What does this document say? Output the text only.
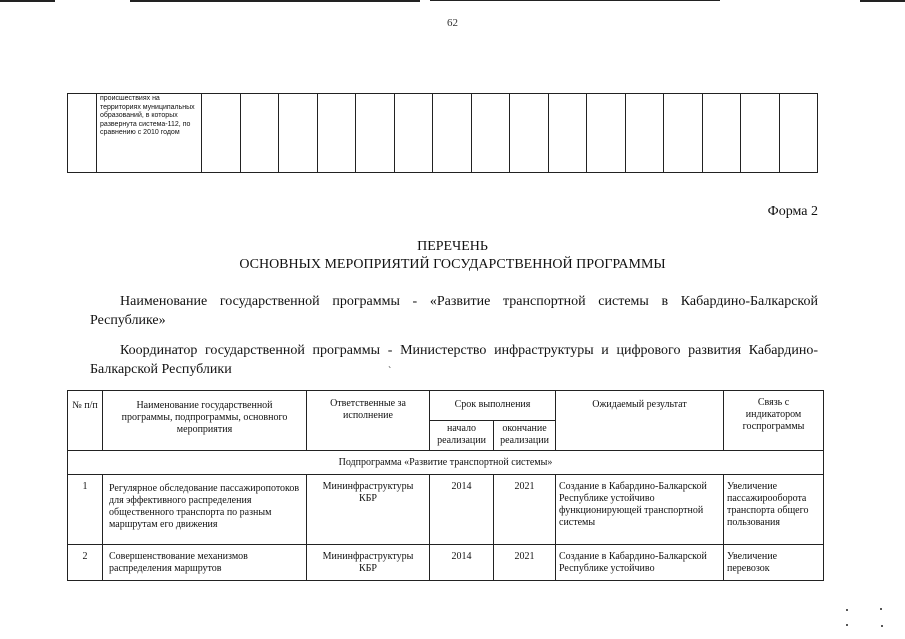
62
	происшествиях на территориях муниципальных образований, в которых развернута система-112, по сравнению с 2010 годом																
Форма 2
ПЕРЕЧЕНЬ
ОСНОВНЫХ МЕРОПРИЯТИЙ ГОСУДАРСТВЕННОЙ ПРОГРАММЫ
Наименование государственной программы - «Развитие транспортной системы в Кабардино-Балкарской Республике»
Координатор государственной программы - Министерство инфраструктуры и цифрового развития Кабардино-Балкарской Республики	`
№ п/п	Наименование государственной программы, подпрограммы, основного мероприятия	Ответственные за исполнение	Срок выполнения		Ожидаемый результат	Связь с индикатором госпрограммы
			начало реализации	окончание реализации		
Подпрограмма «Развитие транспортной системы»						
1	Регулярное обследование пассажиропотоков для эффективного распределения общественного транспорта по разным маршрутам его движения	Mининфраструктуры КБР	2014	2021	Создание в Кабардино-Балкарской Республике устойчиво функционирующей транспортной системы	Увеличение пассажирооборота транспорта общего пользования
2	Совершенствование механизмов распределения маршрутов	Mининфраструктуры КБР	2014	2021	Создание в Кабардино-Балкарской Республике устойчиво	Увеличение перевозок
